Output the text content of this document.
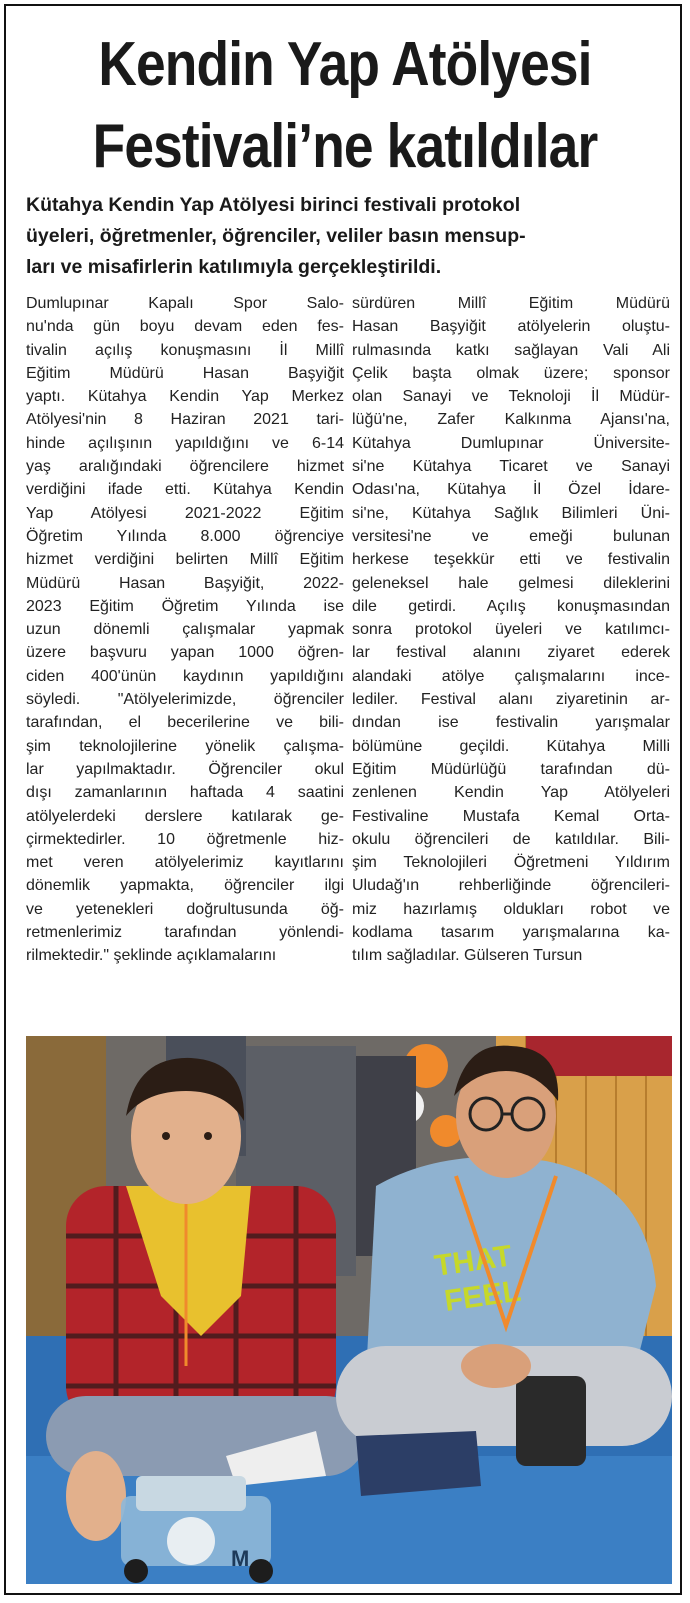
Kendin Yap Atölyesi
Festivali’ne katıldılar

Kütahya Kendin Yap Atölyesi birinci festivali protokol
üyeleri, öğretmenler, öğrenciler, veliler basın mensup-
ları ve misafirlerin katılımıyla gerçekleştirildi.

Dumlupınar Kapalı Spor Salo-
nu'nda gün boyu devam eden fes-
tivalin açılış konuşmasını İl Millî
Eğitim Müdürü Hasan Başyiğit
yaptı. Kütahya Kendin Yap Merkez
Atölyesi'nin 8 Haziran 2021 tari-
hinde açılışının yapıldığını ve 6-14
yaş aralığındaki öğrencilere hizmet
verdiğini ifade etti. Kütahya Kendin
Yap Atölyesi 2021-2022 Eğitim
Öğretim Yılında 8.000 öğrenciye
hizmet verdiğini belirten Millî Eğitim
Müdürü Hasan Başyiğit, 2022-
2023 Eğitim Öğretim Yılında ise
uzun dönemli çalışmalar yapmak
üzere başvuru yapan 1000 öğren-
ciden 400'ünün kaydının yapıldığını
söyledi. "Atölyelerimizde, öğrenciler
tarafından, el becerilerine ve bili-
şim teknolojilerine yönelik çalışma-
lar yapılmaktadır. Öğrenciler okul
dışı zamanlarının haftada 4 saatini
atölyelerdeki derslere katılarak ge-
çirmektedirler. 10 öğretmenle hiz-
met veren atölyelerimiz kayıtlarını
dönemlik yapmakta, öğrenciler ilgi
ve yetenekleri doğrultusunda öğ-
retmenlerimiz tarafından yönlendi-
rilmektedir." şeklinde açıklamalarını
sürdüren Millî Eğitim Müdürü
Hasan Başyiğit atölyelerin oluştu-
rulmasında katkı sağlayan Vali Ali
Çelik başta olmak üzere; sponsor
olan Sanayi ve Teknoloji İl Müdür-
lüğü'ne, Zafer Kalkınma Ajansı'na,
Kütahya Dumlupınar Üniversite-
si'ne Kütahya Ticaret ve Sanayi
Odası'na, Kütahya İl Özel İdare-
si'ne, Kütahya Sağlık Bilimleri Üni-
versitesi'ne ve emeği bulunan
herkese teşekkür etti ve festivalin
geleneksel hale gelmesi dileklerini
dile getirdi. Açılış konuşmasından
sonra protokol üyeleri ve katılımcı-
lar festival alanını ziyaret ederek
alandaki atölye çalışmalarını ince-
lediler. Festival alanı ziyaretinin ar-
dından ise festivalin yarışmalar
bölümüne geçildi. Kütahya Milli
Eğitim Müdürlüğü tarafından dü-
zenlenen Kendin Yap Atölyeleri
Festivaline Mustafa Kemal Orta-
okulu öğrencileri de katıldılar. Bili-
şim Teknolojileri Öğretmeni Yıldırım
Uludağ'ın rehberliğinde öğrencileri-
miz hazırlamış oldukları robot ve
kodlama tasarım yarışmalarına ka-
tılım sağladılar. Gülseren Tursun
THAT
FEEL
M
